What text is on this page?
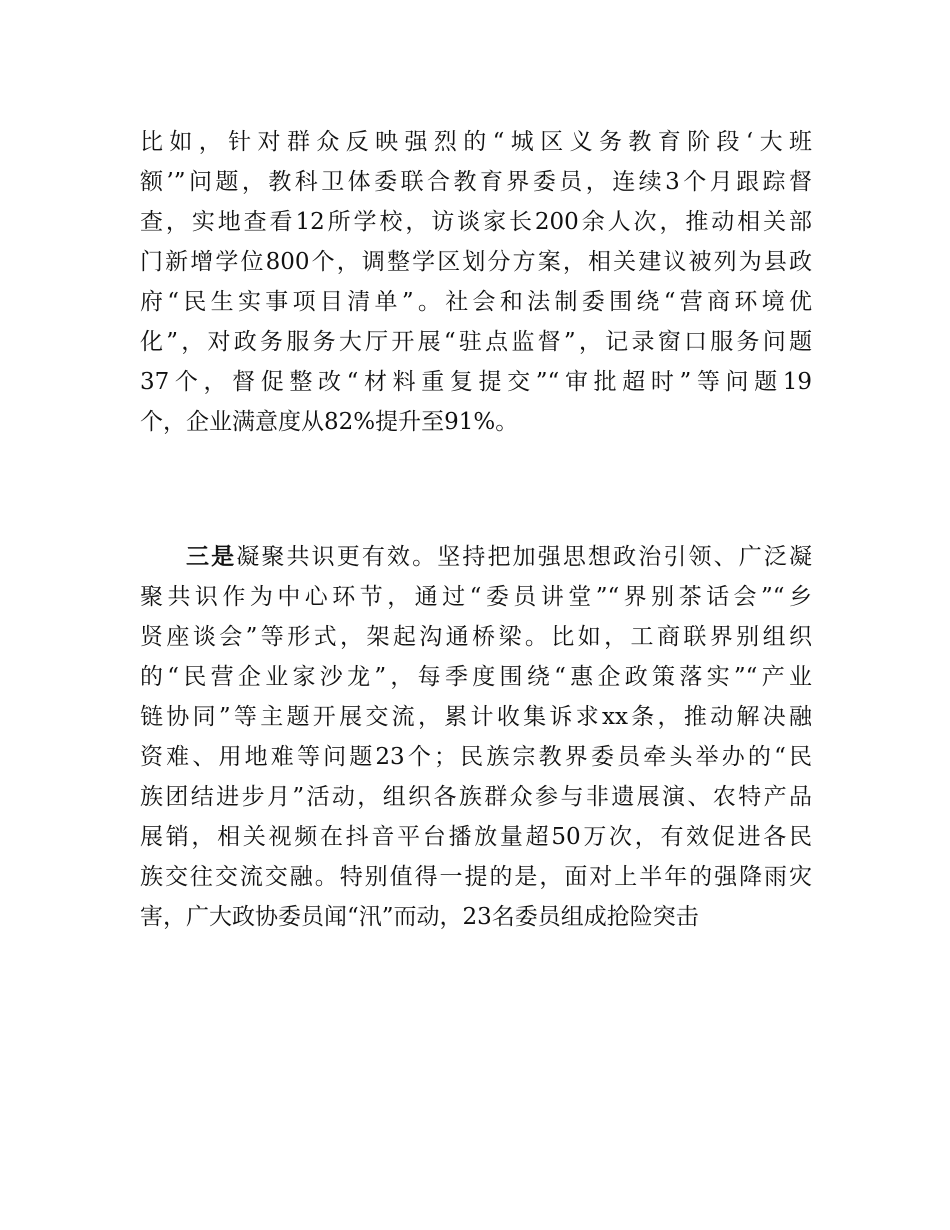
比如，针对群众反映强烈的“城区义务教育阶段‘大班
额’”问题，教科卫体委联合教育界委员，连续3个月跟踪督
查，实地查看12所学校，访谈家长200余人次，推动相关部
门新增学位800个，调整学区划分方案，相关建议被列为县政
府“民生实事项目清单”。社会和法制委围绕“营商环境优
化”，对政务服务大厅开展“驻点监督”，记录窗口服务问题
37个，督促整改“材料重复提交”“审批超时”等问题19
个，企业满意度从82%提升至91%。
三是凝聚共识更有效。坚持把加强思想政治引领、广泛凝
聚共识作为中心环节，通过“委员讲堂”“界别茶话会”“乡
贤座谈会”等形式，架起沟通桥梁。比如，工商联界别组织
的“民营企业家沙龙”，每季度围绕“惠企政策落实”“产业
链协同”等主题开展交流，累计收集诉求xx条，推动解决融
资难、用地难等问题23个；民族宗教界委员牵头举办的“民
族团结进步月”活动，组织各族群众参与非遗展演、农特产品
展销，相关视频在抖音平台播放量超50万次，有效促进各民
族交往交流交融。特别值得一提的是，面对上半年的强降雨灾
害，广大政协委员闻“汛”而动，23名委员组成抢险突击
